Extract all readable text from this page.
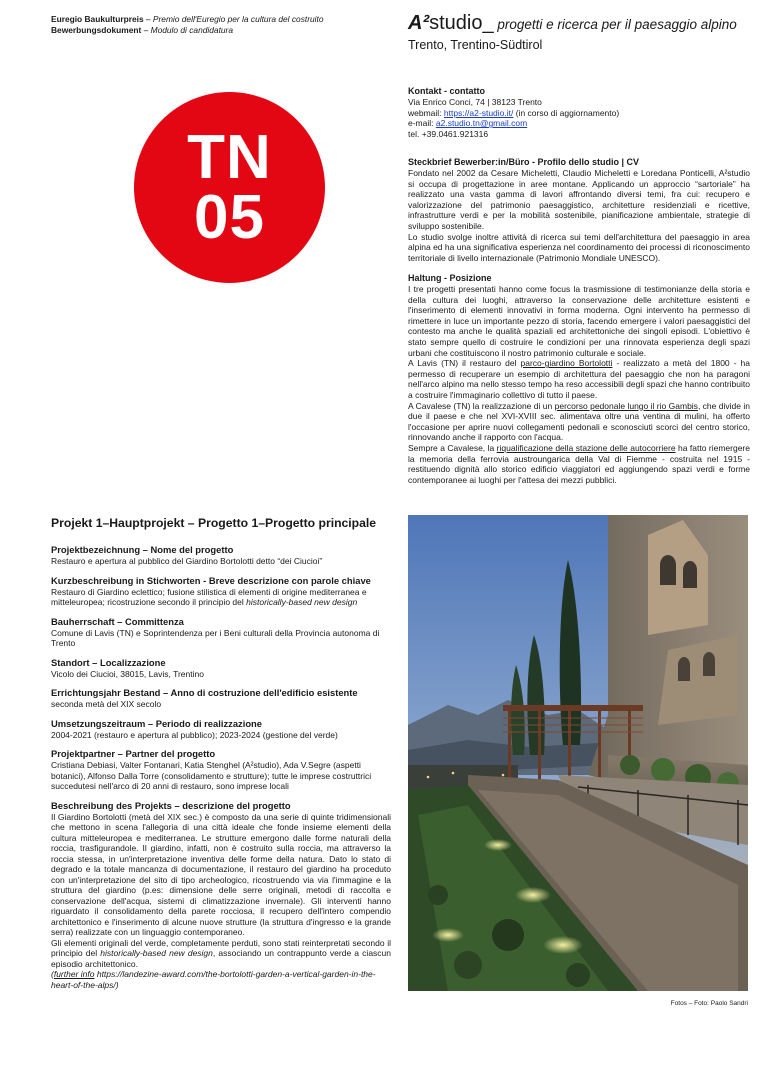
Euregio Baukulturpreis – Premio dell'Euregio per la cultura del costruito
Bewerbungsdokument – Modulo di candidatura	A²studio_ progetti e ricerca per il paesaggio alpino
Trento, Trentino-Südtirol
TN
05
Kontakt - contatto
Via Enrico Conci, 74 | 38123 Trento
webmail: https://a2-studio.it/ (in corso di aggiornamento)
e-mail: a2.studio.tn@gmail.com
tel. +39.0461.921316
Steckbrief Bewerber:in/Büro - Profilo dello studio | CV
Fondato nel 2002 da Cesare Micheletti, Claudio Micheletti e Loredana Ponticelli, A²studio si occupa di progettazione in aree montane. Applicando un approccio “sartoriale” ha realizzato una vasta gamma di lavori affrontando diversi temi, fra cui: recupero e valorizzazione del patrimonio paesaggistico, architetture residenziali e ricettive, infrastrutture verdi e per la mobilità sostenibile, pianificazione ambientale, strategie di sviluppo sostenibile.
Lo studio svolge inoltre attività di ricerca sui temi dell'architettura del paesaggio in area alpina ed ha una significativa esperienza nel coordinamento dei processi di riconoscimento territoriale di livello internazionale (Patrimonio Mondiale UNESCO).
Haltung - Posizione
I tre progetti presentati hanno come focus la trasmissione di testimonianze della storia e della cultura dei luoghi, attraverso la conservazione delle architetture esistenti e l'inserimento di elementi innovativi in forma moderna. Ogni intervento ha permesso di rimettere in luce un importante pezzo di storia, facendo emergere i valori paesaggistici del contesto ma anche le qualità spaziali ed architettoniche dei singoli episodi. L'obiettivo è stato sempre quello di costruire le condizioni per una rinnovata esperienza degli spazi urbani che costituiscono il nostro patrimonio culturale e sociale.
A Lavis (TN) il restauro del parco-giardino Bortolotti - realizzato a metà del 1800 - ha permesso di recuperare un esempio di architettura del paesaggio che non ha paragoni nell'arco alpino ma nello stesso tempo ha reso accessibili degli spazi che hanno contribuito a costruire l'immaginario collettivo di tutto il paese.
A Cavalese (TN) la realizzazione di un percorso pedonale lungo il rio Gambis, che divide in due il paese e che nel XVI-XVIII sec. alimentava oltre una ventina di mulini, ha offerto l'occasione per aprire nuovi collegamenti pedonali e sconosciuti scorci del centro storico, rinnovando anche il rapporto con l'acqua.
Sempre a Cavalese, la riqualificazione della stazione delle autocorriere ha fatto riemergere la memoria della ferrovia austroungarica della Val di Fiemme - costruita nel 1915 - restituendo dignità allo storico edificio viaggiatori ed aggiungendo spazi verdi e forme contemporanee ai luoghi per l'attesa dei mezzi pubblici.
Projekt 1–Hauptprojekt – Progetto 1–Progetto principale
Projektbezeichnung – Nome del progetto
Restauro e apertura al pubblico del Giardino Bortolotti detto “dei Ciucioi”
Kurzbeschreibung in Stichworten - Breve descrizione con parole chiave
Restauro di Giardino eclettico; fusione stilistica di elementi di origine mediterranea e mitteleuropea; ricostruzione secondo il principio del historically-based new design
Bauherrschaft – Committenza
Comune di Lavis (TN) e Soprintendenza per i Beni culturali della Provincia autonoma di Trento
Standort – Localizzazione
Vicolo dei Ciucioi, 38015, Lavis, Trentino
Errichtungsjahr Bestand – Anno di costruzione dell'edificio esistente
seconda metà del XIX secolo
Umsetzungszeitraum – Periodo di realizzazione
2004-2021 (restauro e apertura al pubblico); 2023-2024 (gestione del verde)
Projektpartner – Partner del progetto
Cristiana Debiasi, Valter Fontanari, Katia Stenghel (A²studio), Ada V.Segre (aspetti botanici), Alfonso Dalla Torre (consolidamento e strutture); tutte le imprese costruttrici succedutesi nell'arco di 20 anni di restauro, sono imprese locali
Beschreibung des Projekts – descrizione del progetto
Il Giardino Bortolotti (metà del XIX sec.) è composto da una serie di quinte tridimensionali che mettono in scena l'allegoria di una città ideale che fonde insieme elementi della cultura mitteleuropea e mediterranea. Le strutture emergono dalle forme naturali della roccia, trasfigurandole. Il giardino, infatti, non è costruito sulla roccia, ma attraverso la roccia stessa, in un'interpretazione inventiva delle forme della natura. Dato lo stato di degrado e la totale mancanza di documentazione, il restauro del giardino ha proceduto con un'interpretazione del sito di tipo archeologico, ricostruendo via via l'immagine e la struttura del giardino (p.es: dimensione delle serre originali, metodi di raccolta e conservazione dell'acqua, sistemi di climatizzazione invernale). Gli interventi hanno riguardato il consolidamento della parete rocciosa, il recupero dell'intero compendio architettonico e l'inserimento di alcune nuove strutture (la struttura d'ingresso e la grande serra) realizzate con un linguaggio contemporaneo.
Gli elementi originali del verde, completamente perduti, sono stati reinterpretati secondo il principio del historically-based new design, associando un contrappunto verde a ciascun episodio architettonico.
(further info https://landezine-award.com/the-bortolotti-garden-a-vertical-garden-in-the-heart-of-the-alps/)
Fotos – Foto: Paolo Sandri
